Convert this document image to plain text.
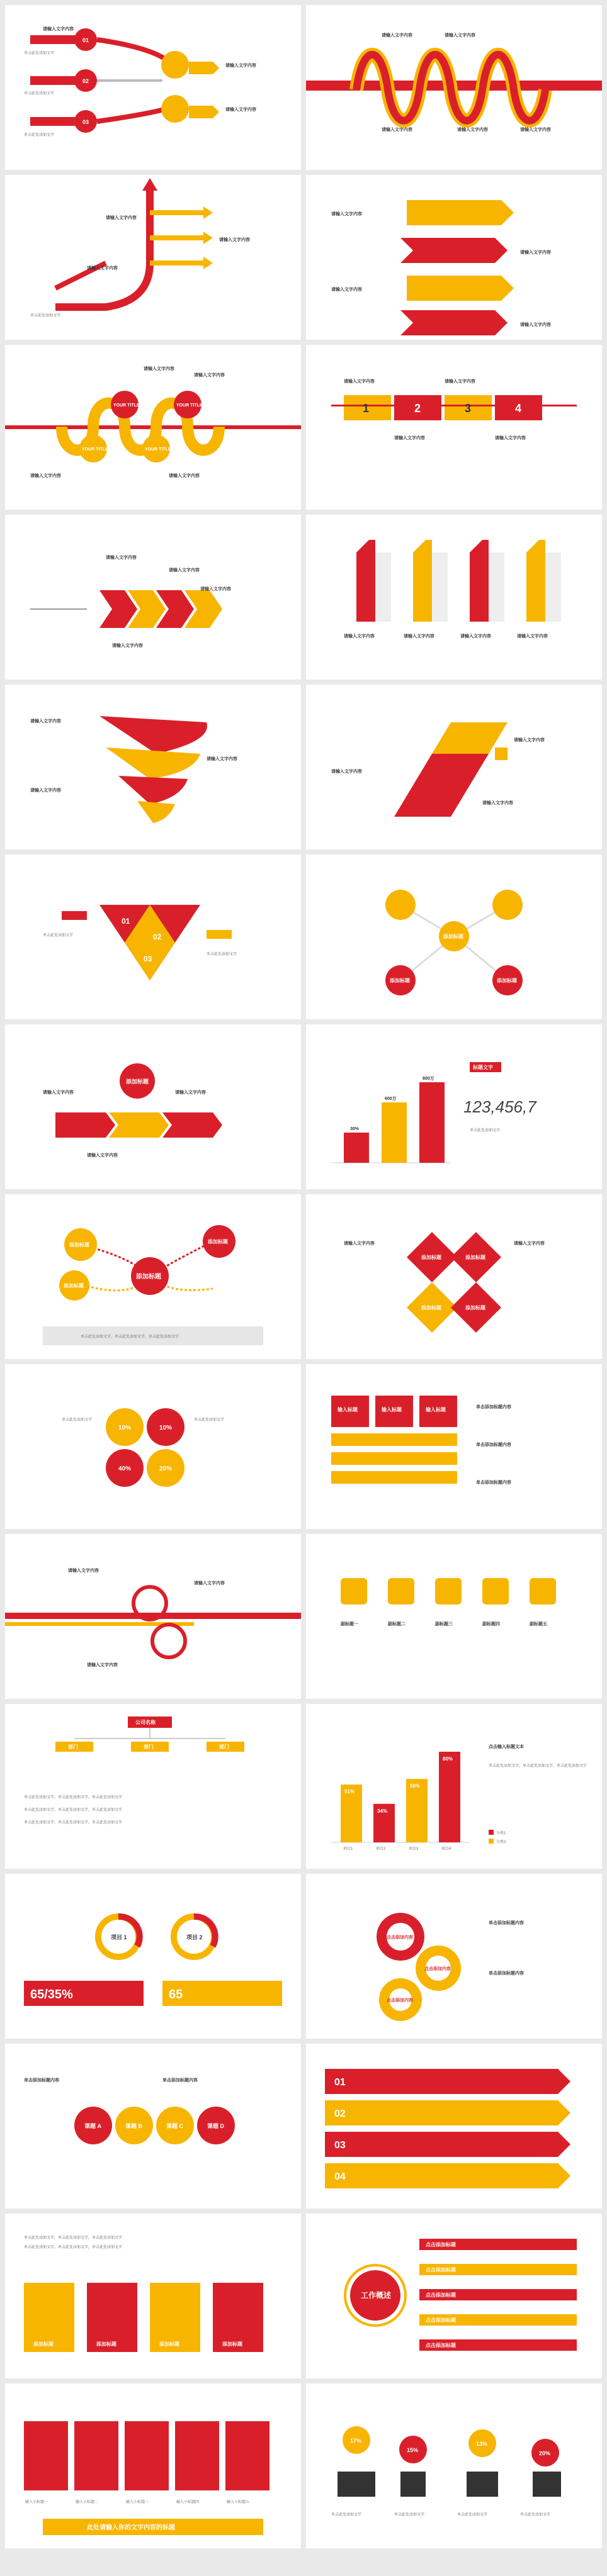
请输入文字内容
单击此处添加文字
单击此处添加文字
单击此处添加文字
请输入文字内容
请输入文字内容
01
02
03
请输入文字内容	请输入文字内容
请输入文字内容	请输入文字内容	请输入文字内容
请输入文字内容
请输入文字内容
请输入文字内容
单击此处添加文字
请输入文字内容
请输入文字内容
请输入文字内容
请输入文字内容
YOUR TITLE	YOUR TITLE
YOUR TITLE	YOUR TITLE
请输入文字内容
请输入文字内容
请输入文字内容	请输入文字内容
1	2	3	4
请输入文字内容	请输入文字内容
请输入文字内容	请输入文字内容
请输入文字内容
请输入文字内容
请输入文字内容
请输入文字内容
请输入文字内容	请输入文字内容	请输入文字内容	请输入文字内容
请输入文字内容
请输入文字内容
请输入文字内容
请输入文字内容
请输入文字内容
请输入文字内容
01
02
03
单击此处添加文字
单击此处添加文字
添加标题
添加标题	添加标题
添加标题
请输入文字内容	请输入文字内容
请输入文字内容
30%
600万
800万
标题文字
123,456,7
单击此处添加文字
添加标题
添加标题
添加标题
添加标题
单击此处添加文字，单击此处添加文字，单击此处添加文字
添加标题	添加标题
添加标题	添加标题
请输入文字内容	请输入文字内容
10%	10%
40%	20%
单击此处添加文字	单击此处添加文字
输入标题	输入标题	输入标题	单击添加标题内容
单击添加标题内容
单击添加标题内容
请输入文字内容
请输入文字内容
请输入文字内容
副标题一	副标题二	副标题三	副标题四	副标题五
公司名称
部门	部门	部门
单击此处添加文字，单击此处添加文字，单击此处添加文字
单击此处添加文字，单击此处添加文字，单击此处添加文字
单击此处添加文字，单击此处添加文字，单击此处添加文字
51%
项目1
34%
项目2
56%
项目3
80%
项目4
点击输入标题文本
单击此处添加文字，单击此处添加文字，单击此处添加文字
分类1
分类2
项目 1	项目 2
65/35%	65
点击添加内容
点击添加内容
点击添加内容
单击添加标题内容
单击添加标题内容
课题 A	课题 B	课题 C	课题 D
单击添加标题内容	单击添加标题内容	01
02
03
04
添加标题	添加标题	添加标题	添加标题
单击此处添加文字，单击此处添加文字，单击此处添加文字
单击此处添加文字，单击此处添加文字，单击此处添加文字
工作概述
点击添加标题
点击添加标题
点击添加标题
点击添加标题
点击添加标题
输入小标题一	输入小标题二	输入小标题三	输入小标题四	输入小标题五
此处请输入你的文字内容的标题
17%
15%
13%
20%
单击此处添加文字	单击此处添加文字	单击此处添加文字	单击此处添加文字
